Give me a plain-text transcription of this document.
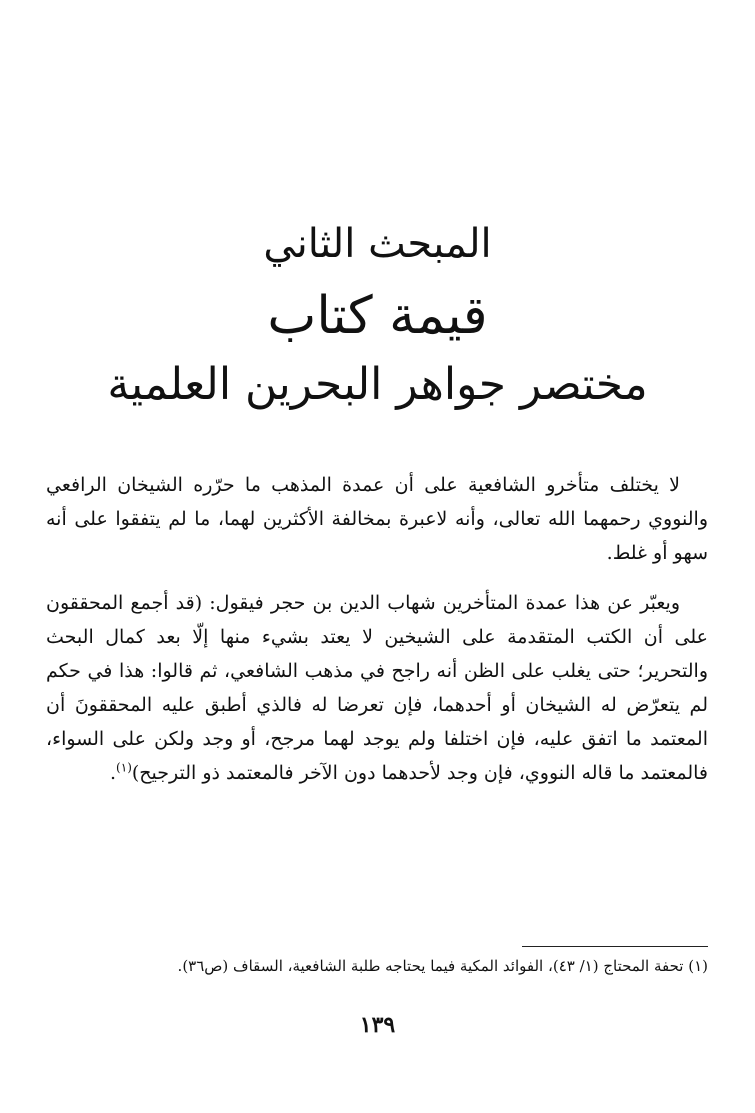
المبحث الثاني
قيمة كتاب
مختصر جواهر البحرين العلمية

لا يختلف متأخرو الشافعية على أن عمدة المذهب ما حرّره الشيخان الرافعي والنووي رحمهما الله تعالى، وأنه لاعبرة بمخالفة الأكثرين لهما، ما لم يتفقوا على أنه سهو أو غلط.

ويعبّر عن هذا عمدة المتأخرين شهاب الدين بن حجر فيقول: (قد أجمع المحققون على أن الكتب المتقدمة على الشيخين لا يعتد بشيء منها إلّا بعد كمال البحث والتحرير؛ حتى يغلب على الظن أنه راجح في مذهب الشافعي، ثم قالوا: هذا في حكم لم يتعرّض له الشيخان أو أحدهما، فإن تعرضا له فالذي أطبق عليه المحققونَ أن المعتمد ما اتفق عليه، فإن اختلفا ولم يوجد لهما مرجح، أو وجد ولكن على السواء، فالمعتمد ما قاله النووي، فإن وجد لأحدهما دون الآخر فالمعتمد ذو الترجيح)$^{(١)}$.

(١) تحفة المحتاج (١/ ٤٣)، الفوائد المكية فيما يحتاجه طلبة الشافعية، السقاف (ص٣٦).
١٣٩
